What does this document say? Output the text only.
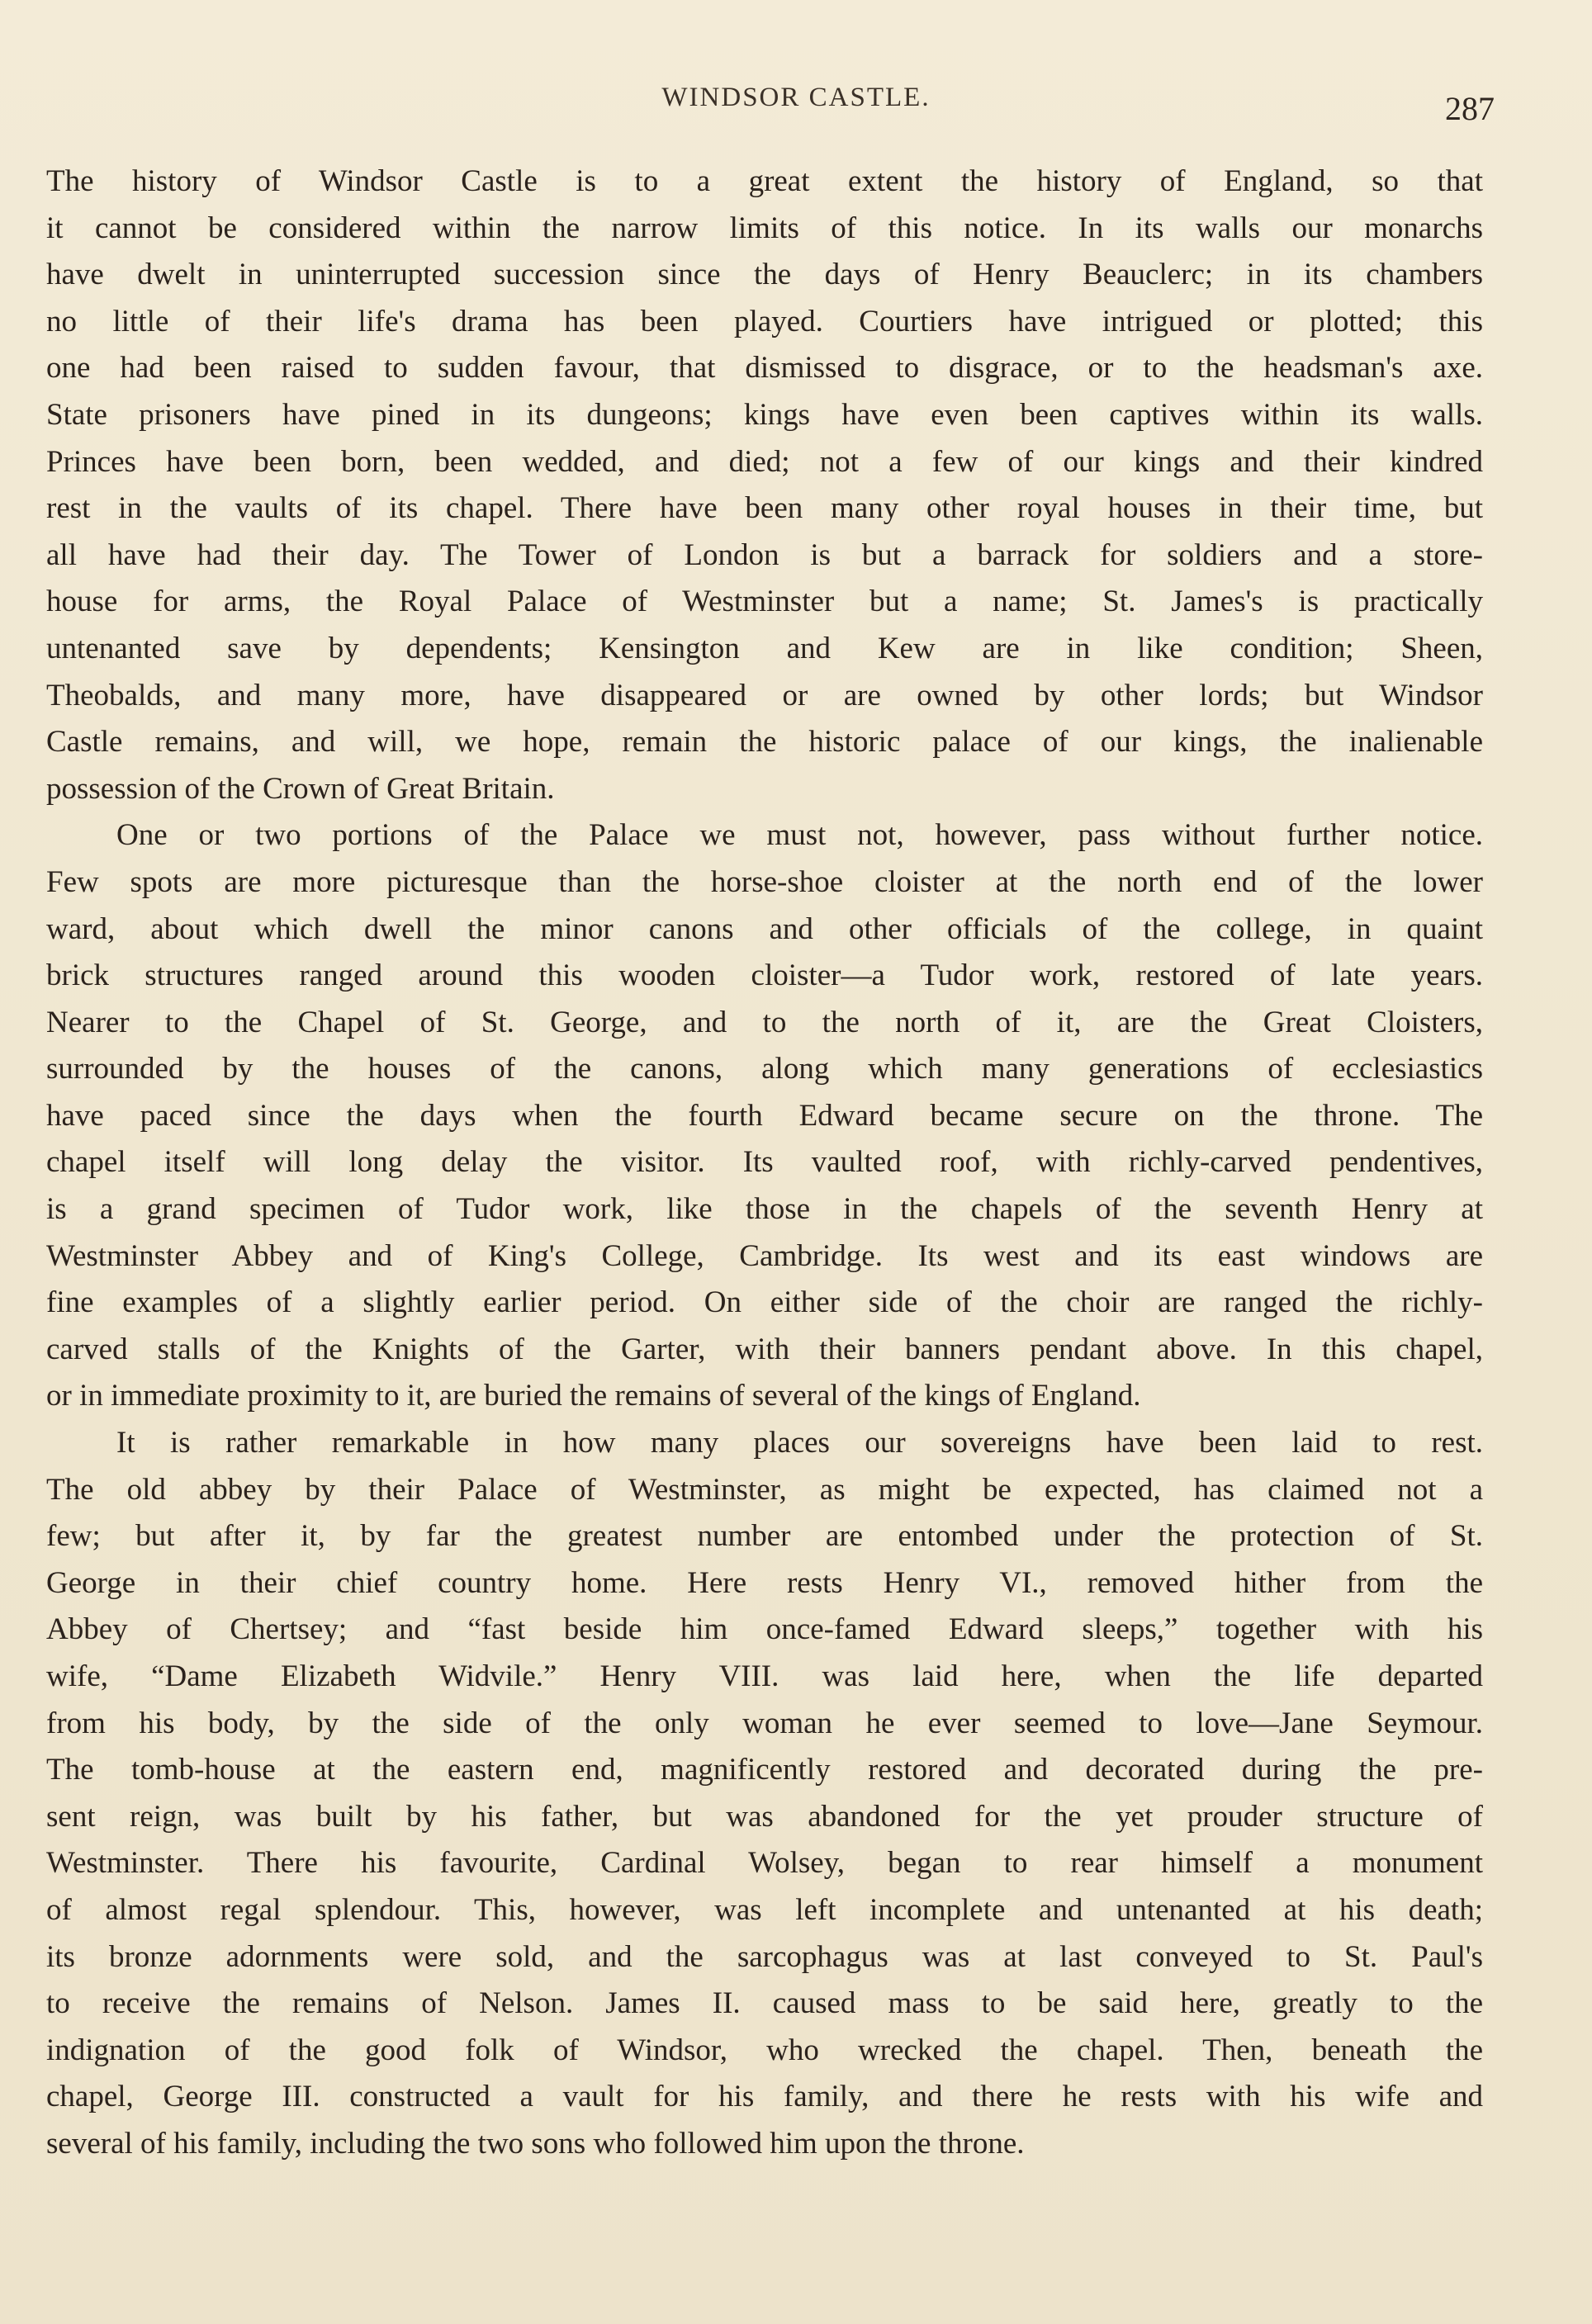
WINDSOR CASTLE.	287
The history of Windsor Castle is to a great extent the history of England, so that
it cannot be considered within the narrow limits of this notice. In its walls our monarchs
have dwelt in uninterrupted succession since the days of Henry Beauclerc; in its chambers
no little of their life's drama has been played. Courtiers have intrigued or plotted; this
one had been raised to sudden favour, that dismissed to disgrace, or to the headsman's axe.
State prisoners have pined in its dungeons; kings have even been captives within its walls.
Princes have been born, been wedded, and died; not a few of our kings and their kindred
rest in the vaults of its chapel. There have been many other royal houses in their time, but
all have had their day. The Tower of London is but a barrack for soldiers and a store-
house for arms, the Royal Palace of Westminster but a name; St. James's is practically
untenanted save by dependents; Kensington and Kew are in like condition; Sheen,
Theobalds, and many more, have disappeared or are owned by other lords; but Windsor
Castle remains, and will, we hope, remain the historic palace of our kings, the inalienable
possession of the Crown of Great Britain.
One or two portions of the Palace we must not, however, pass without further notice.
Few spots are more picturesque than the horse-shoe cloister at the north end of the lower
ward, about which dwell the minor canons and other officials of the college, in quaint
brick structures ranged around this wooden cloister—a Tudor work, restored of late years.
Nearer to the Chapel of St. George, and to the north of it, are the Great Cloisters,
surrounded by the houses of the canons, along which many generations of ecclesiastics
have paced since the days when the fourth Edward became secure on the throne. The
chapel itself will long delay the visitor. Its vaulted roof, with richly-carved pendentives,
is a grand specimen of Tudor work, like those in the chapels of the seventh Henry at
Westminster Abbey and of King's College, Cambridge. Its west and its east windows are
fine examples of a slightly earlier period. On either side of the choir are ranged the richly-
carved stalls of the Knights of the Garter, with their banners pendant above. In this chapel,
or in immediate proximity to it, are buried the remains of several of the kings of England.
It is rather remarkable in how many places our sovereigns have been laid to rest.
The old abbey by their Palace of Westminster, as might be expected, has claimed not a
few; but after it, by far the greatest number are entombed under the protection of St.
George in their chief country home. Here rests Henry VI., removed hither from the
Abbey of Chertsey; and “fast beside him once-famed Edward sleeps,” together with his
wife, “Dame Elizabeth Widvile.” Henry VIII. was laid here, when the life departed
from his body, by the side of the only woman he ever seemed to love—Jane Seymour.
The tomb-house at the eastern end, magnificently restored and decorated during the pre-
sent reign, was built by his father, but was abandoned for the yet prouder structure of
Westminster. There his favourite, Cardinal Wolsey, began to rear himself a monument
of almost regal splendour. This, however, was left incomplete and untenanted at his death;
its bronze adornments were sold, and the sarcophagus was at last conveyed to St. Paul's
to receive the remains of Nelson. James II. caused mass to be said here, greatly to the
indignation of the good folk of Windsor, who wrecked the chapel. Then, beneath the
chapel, George III. constructed a vault for his family, and there he rests with his wife and
several of his family, including the two sons who followed him upon the throne.
